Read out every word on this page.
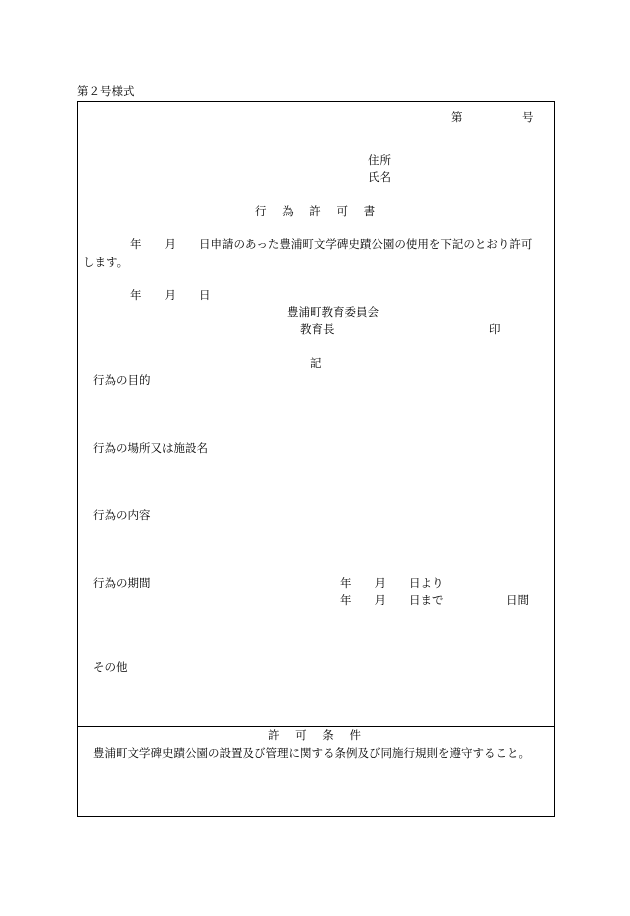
第２号様式
第	号
住所
氏名
行 為 許 可 書
年　　月　　日申請のあった豊浦町文学碑史蹟公園の使用を下記のとおり許可
します。
年　　月　　日
豊浦町教育委員会
教育長	印
記
行為の目的
行為の場所又は施設名
行為の内容
行為の期間	年　　月　　日より
年　　月　　日まで	日間
その他
許 可 条 件
豊浦町文学碑史蹟公園の設置及び管理に関する条例及び同施行規則を遵守すること。
